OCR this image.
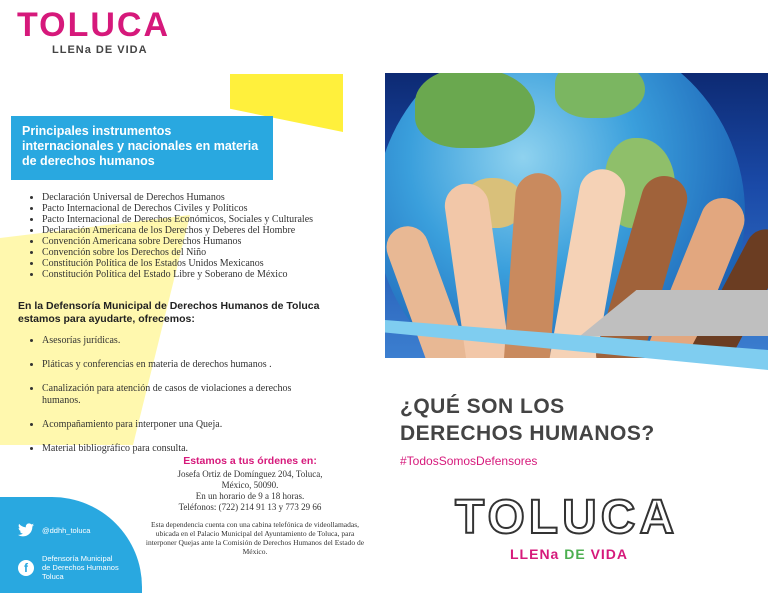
TOLUCA
LLENa DE VIDA
Principales instrumentos internacionales y nacionales en materia de derechos humanos
• Declaración Universal de Derechos Humanos
• Pacto Internacional de Derechos Civiles y Políticos
• Pacto Internacional de Derechos Económicos, Sociales y Culturales
• Declaración Americana de los Derechos y Deberes del Hombre
• Convención Americana sobre Derechos Humanos
• Convención sobre los Derechos del Niño
• Constitución Política de los Estados Unidos Mexicanos
• Constitución Política del Estado Libre y Soberano de México
En la Defensoría Municipal de Derechos Humanos de Toluca estamos para ayudarte, ofrecemos:
• Asesorías jurídicas.
• Pláticas y conferencias en materia de derechos humanos .
• Canalización para atención de casos de violaciones a derechos humanos.
• Acompañamiento para interponer una Queja.
• Material bibliográfico para consulta.
Estamos a tus órdenes en:
Josefa Ortiz de Domínguez 204, Toluca,
México, 50090.
En un horario de 9 a 18 horas.
Teléfonos: (722) 214 91 13 y 773 29 66
Esta dependencia cuenta con una cabina telefónica de videollamadas, ubicada en el Palacio Municipal del Ayuntamiento de Toluca, para interponer Quejas ante la Comisión de Derechos Humanos del Estado de México.
@ddhh_toluca
f
Defensoría Municipal de Derechos Humanos Toluca
¿QUÉ SON LOS
DERECHOS HUMANOS?
#TodosSomosDefensores
TOLUCA
LLENa DE VIDA
